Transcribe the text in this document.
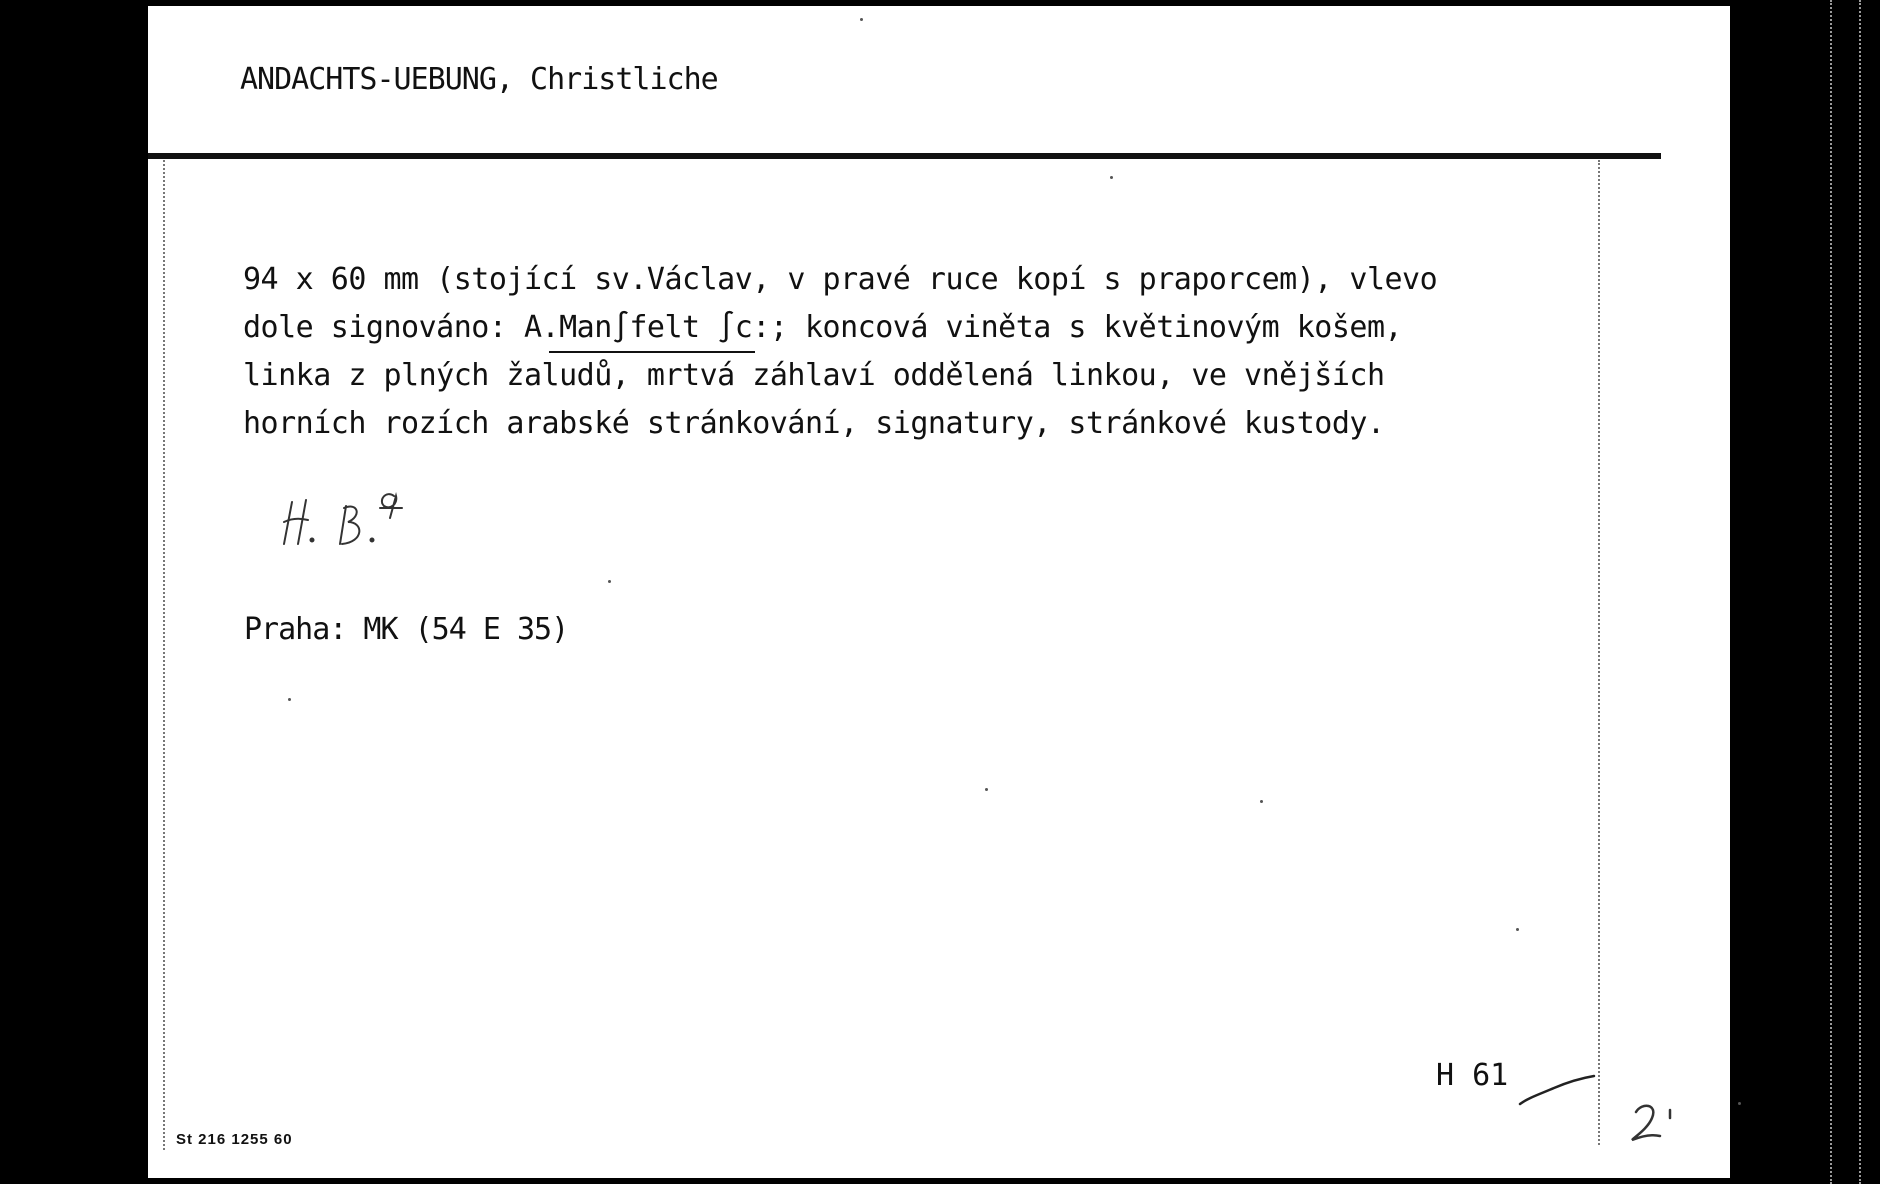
ANDACHTS-UEBUNG, Christliche
94 x 60 mm (stojící sv.Václav, v pravé ruce kopí s praporcem), vlevo
dole signováno: A.Man∫felt ∫c:; koncová viněta s květinovým košem,
linka z plných žaludů, mrtvá záhlaví oddělená linkou, ve vnějších
horních rozích arabské stránkování, signatury, stránkové kustody.
Praha: MK (54 E 35)
H 61
St 216 1255 60
